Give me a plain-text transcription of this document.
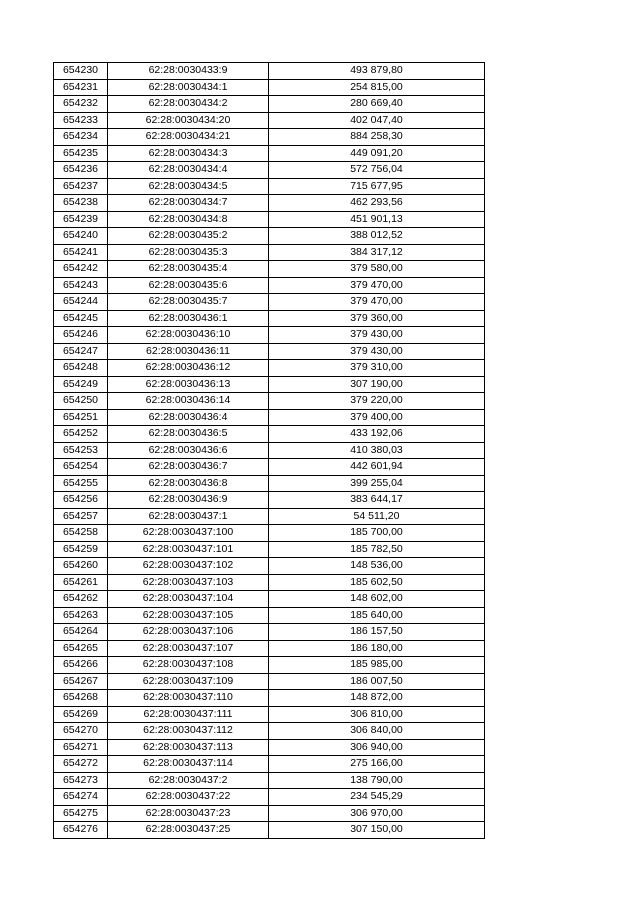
654230	62:28:0030433:9	493 879,80
654231	62:28:0030434:1	254 815,00
654232	62:28:0030434:2	280 669,40
654233	62:28:0030434:20	402 047,40
654234	62:28:0030434:21	884 258,30
654235	62:28:0030434:3	449 091,20
654236	62:28:0030434:4	572 756,04
654237	62:28:0030434:5	715 677,95
654238	62:28:0030434:7	462 293,56
654239	62:28:0030434:8	451 901,13
654240	62:28:0030435:2	388 012,52
654241	62:28:0030435:3	384 317,12
654242	62:28:0030435:4	379 580,00
654243	62:28:0030435:6	379 470,00
654244	62:28:0030435:7	379 470,00
654245	62:28:0030436:1	379 360,00
654246	62:28:0030436:10	379 430,00
654247	62:28:0030436:11	379 430,00
654248	62:28:0030436:12	379 310,00
654249	62:28:0030436:13	307 190,00
654250	62:28:0030436:14	379 220,00
654251	62:28:0030436:4	379 400,00
654252	62:28:0030436:5	433 192,06
654253	62:28:0030436:6	410 380,03
654254	62:28:0030436:7	442 601,94
654255	62:28:0030436:8	399 255,04
654256	62:28:0030436:9	383 644,17
654257	62:28:0030437:1	54 511,20
654258	62:28:0030437:100	185 700,00
654259	62:28:0030437:101	185 782,50
654260	62:28:0030437:102	148 536,00
654261	62:28:0030437:103	185 602,50
654262	62:28:0030437:104	148 602,00
654263	62:28:0030437:105	185 640,00
654264	62:28:0030437:106	186 157,50
654265	62:28:0030437:107	186 180,00
654266	62:28:0030437:108	185 985,00
654267	62:28:0030437:109	186 007,50
654268	62:28:0030437:110	148 872,00
654269	62:28:0030437:111	306 810,00
654270	62:28:0030437:112	306 840,00
654271	62:28:0030437:113	306 940,00
654272	62:28:0030437:114	275 166,00
654273	62:28:0030437:2	138 790,00
654274	62:28:0030437:22	234 545,29
654275	62:28:0030437:23	306 970,00
654276	62:28:0030437:25	307 150,00
